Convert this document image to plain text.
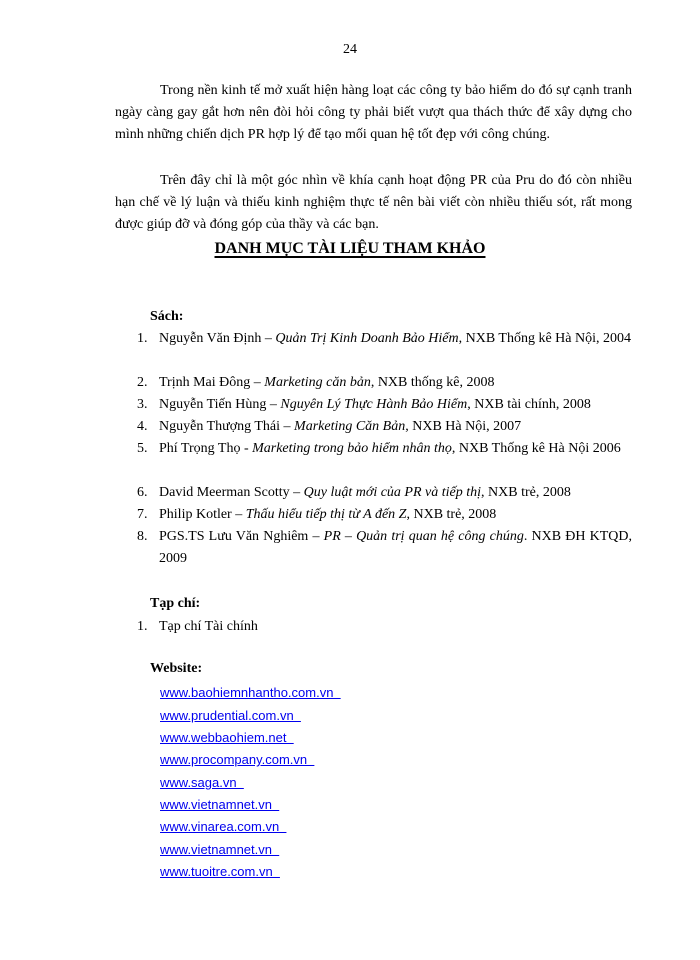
24

Trong nền kinh tế mở xuất hiện hàng loạt các công ty bảo hiểm do đó sự cạnh tranh ngày càng gay gắt hơn nên đòi hỏi công ty phải biết vượt qua thách thức để xây dựng cho mình những chiến dịch PR hợp lý để tạo mối quan hệ tốt đẹp với công chúng.

Trên đây chỉ là một góc nhìn về khía cạnh hoạt động PR của Pru do đó còn nhiều hạn chế về lý luận và thiếu kinh nghiệm thực tế nên bài viết còn nhiều thiếu sót, rất mong được giúp đỡ và đóng góp của thầy và các bạn.

DANH MỤC TÀI LIỆU THAM KHẢO
Sách:
1. Nguyễn Văn Định – Quản Trị Kinh Doanh Bảo Hiểm, NXB Thống kê Hà Nội, 2004
2. Trịnh Mai Đông – Marketing căn bản, NXB thống kê, 2008
3. Nguyễn Tiến Hùng – Nguyên Lý Thực Hành Bảo Hiểm, NXB tài chính, 2008
4. Nguyễn Thượng Thái – Marketing Căn Bản, NXB Hà Nội, 2007
5. Phí Trọng Thọ - Marketing trong bảo hiểm nhân thọ, NXB Thống kê Hà Nội 2006
6. David Meerman Scotty – Quy luật mới của PR và tiếp thị, NXB trẻ, 2008
7. Philip Kotler – Thấu hiểu tiếp thị từ A đến Z, NXB trẻ, 2008
8. PGS.TS Lưu Văn Nghiêm – PR – Quản trị quan hệ công chúng. NXB ĐH KTQD, 2009
Tạp chí:
1. Tạp chí Tài chính
Website:
www.baohiemnhantho.com.vn
www.prudential.com.vn
www.webbaohiem.net
www.procompany.com.vn
www.saga.vn
www.vietnamnet.vn
www.vinarea.com.vn
www.vietnamnet.vn
www.tuoitre.com.vn
